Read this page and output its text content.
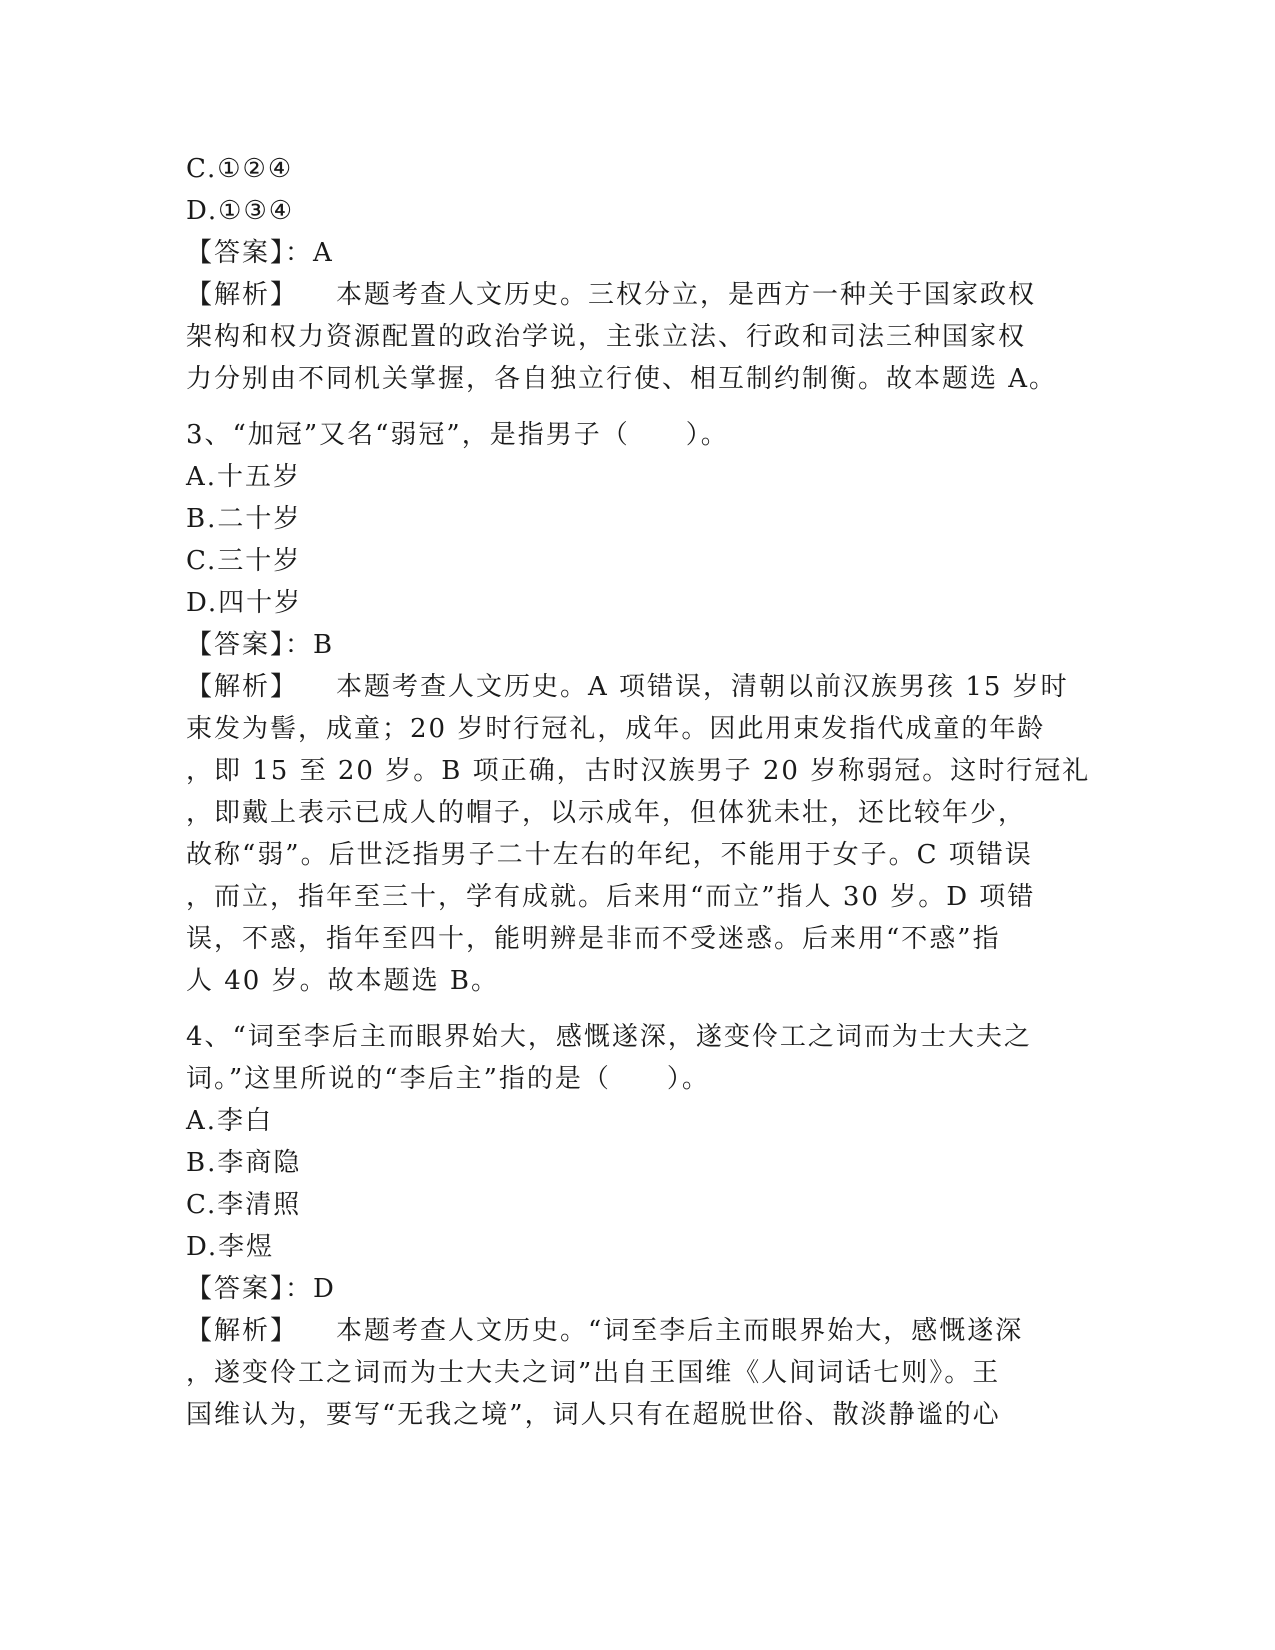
C.①②④

D.①③④

【答案】：A

【解析】 本题考查人文历史。三权分立，是西方一种关于国家政权
架构和权力资源配置的政治学说，主张立法、行政和司法三种国家权
力分别由不同机关掌握，各自独立行使、相互制约制衡。故本题选 A。

3、“加冠”又名“弱冠”，是指男子（　　）。

A.十五岁

B.二十岁

C.三十岁

D.四十岁

【答案】：B

【解析】 本题考查人文历史。A 项错误，清朝以前汉族男孩 15 岁时
束发为髻，成童；20 岁时行冠礼，成年。因此用束发指代成童的年龄
，即 15 至 20 岁。B 项正确，古时汉族男子 20 岁称弱冠。这时行冠礼
，即戴上表示已成人的帽子，以示成年，但体犹未壮，还比较年少，
故称“弱”。后世泛指男子二十左右的年纪，不能用于女子。C 项错误
，而立，指年至三十，学有成就。后来用“而立”指人 30 岁。D 项错
误，不惑，指年至四十，能明辨是非而不受迷惑。后来用“不惑”指
人 40 岁。故本题选 B。

4、“词至李后主而眼界始大，感慨遂深，遂变伶工之词而为士大夫之

词。”这里所说的“李后主”指的是（　　）。

A.李白

B.李商隐

C.李清照

D.李煜

【答案】：D

【解析】 本题考查人文历史。“词至李后主而眼界始大，感慨遂深
，遂变伶工之词而为士大夫之词”出自王国维《人间词话七则》。王
国维认为，要写“无我之境”，词人只有在超脱世俗、散淡静谧的心
